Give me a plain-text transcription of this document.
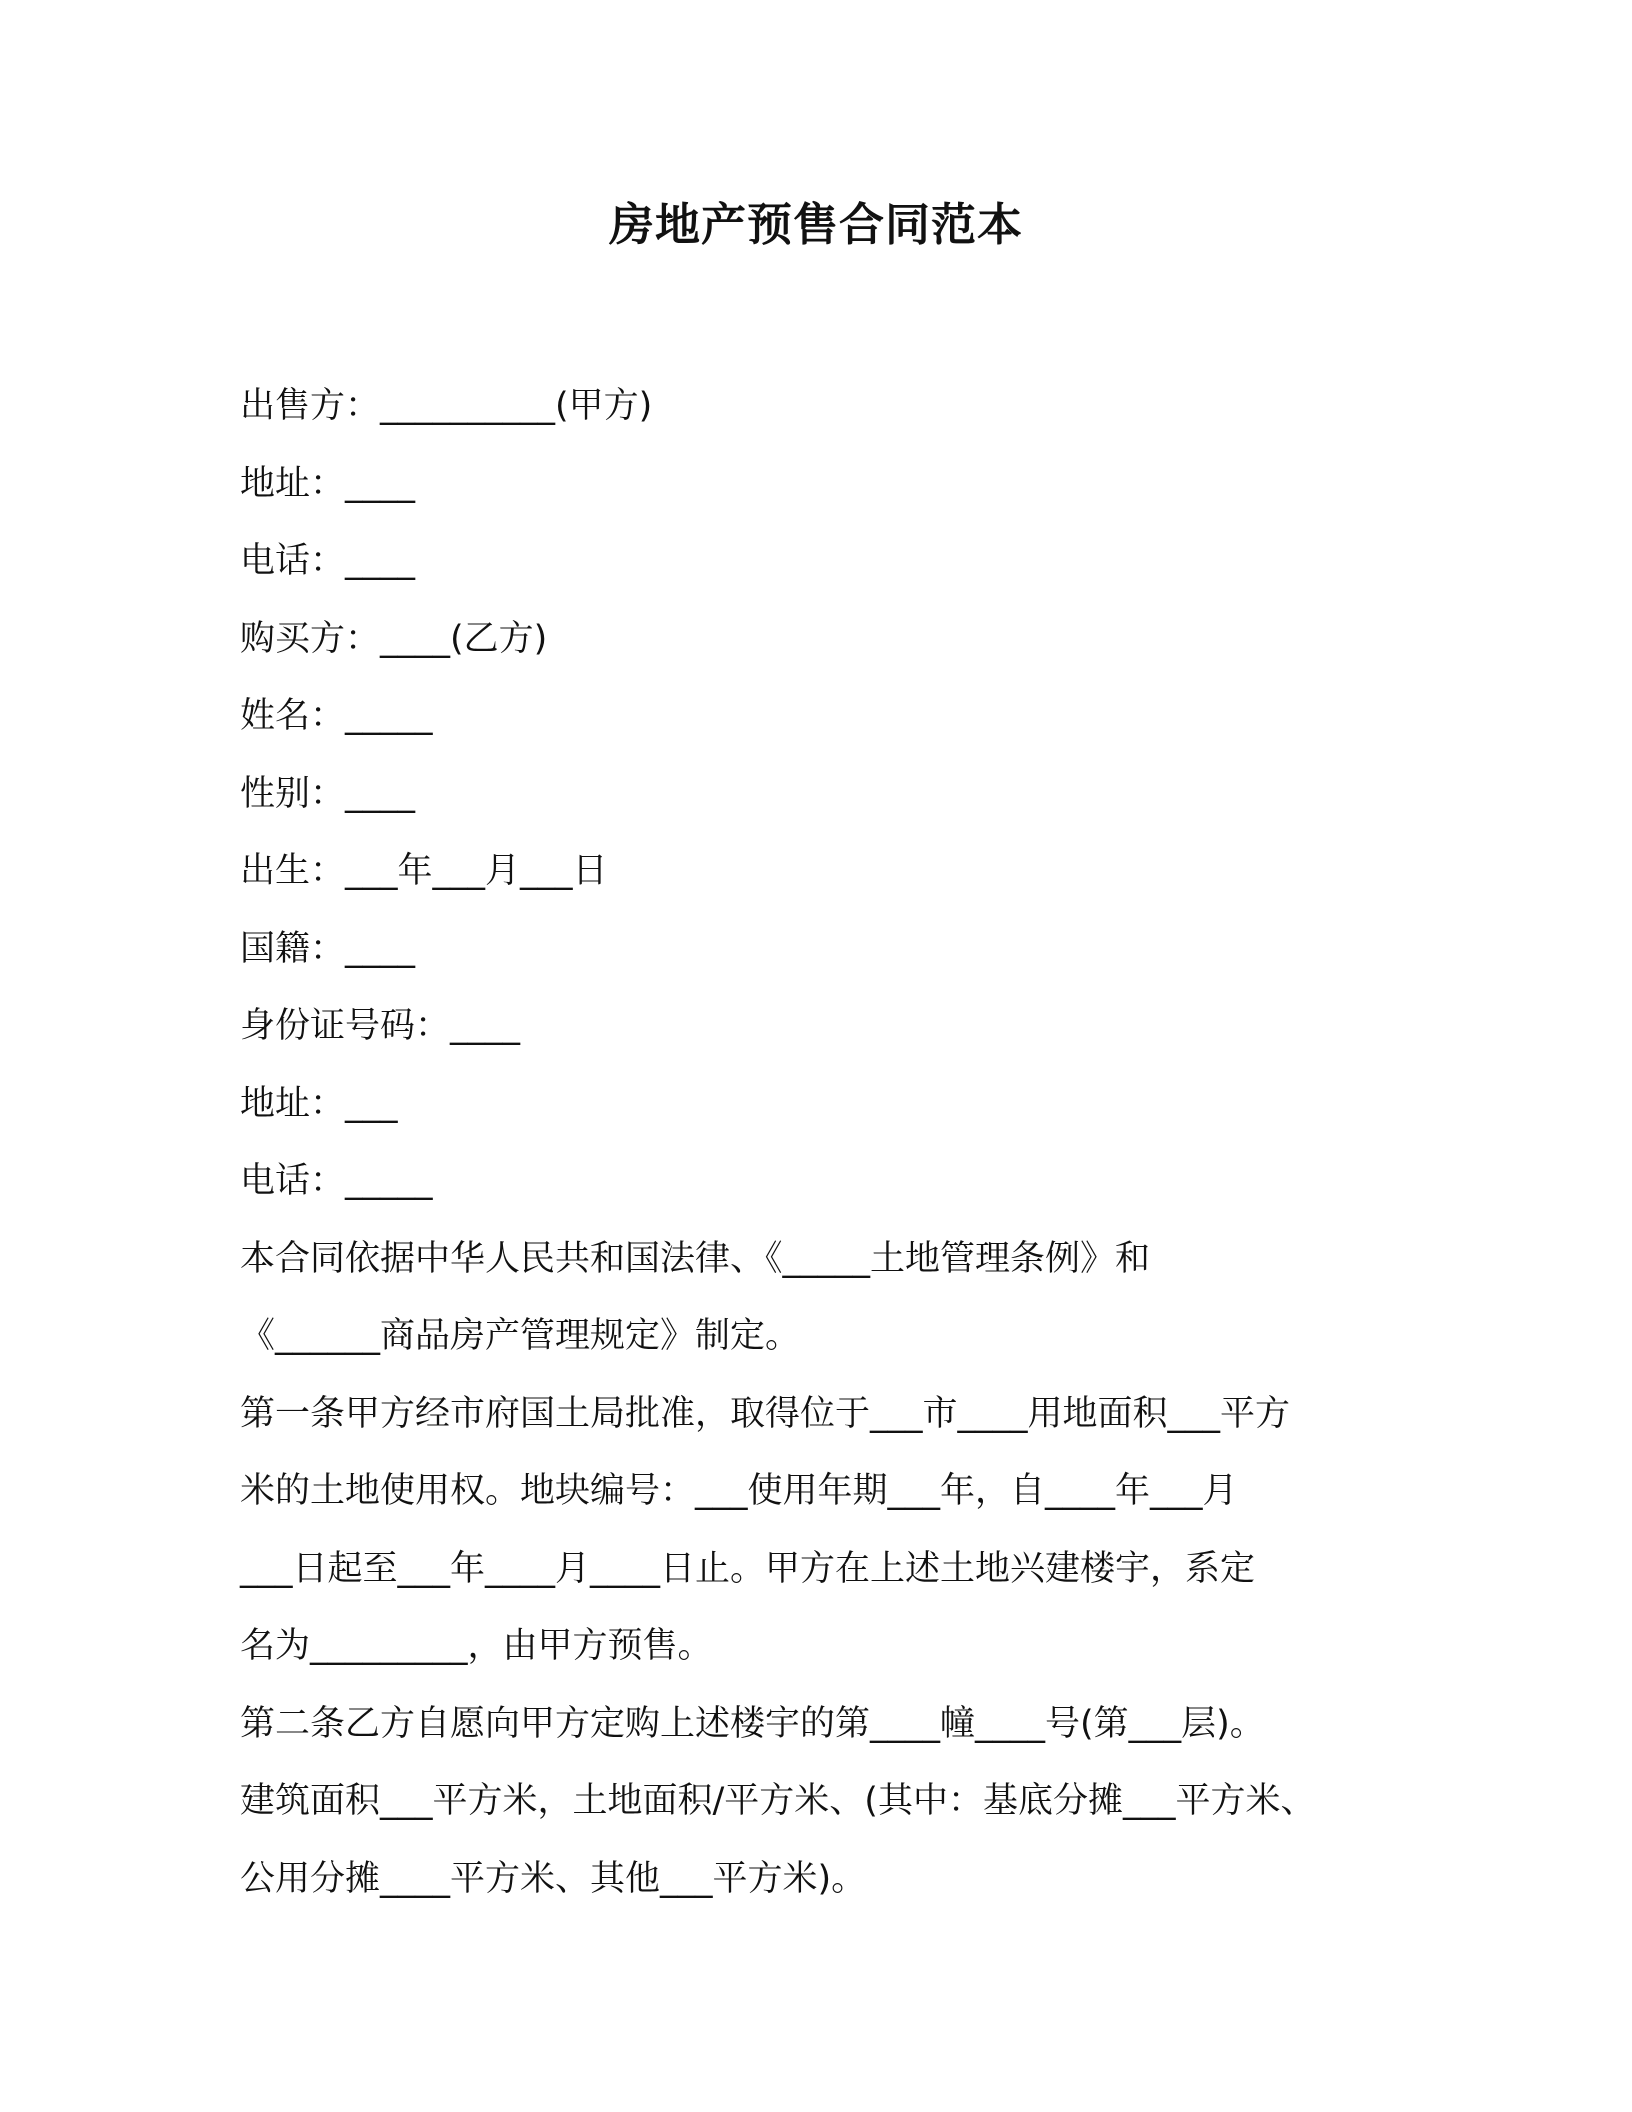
房地产预售合同范本

出售方：__________(甲方)

地址：____

电话：____

购买方：____(乙方)

姓名：_____

性别：____

出生：___年___月___日

国籍：____

身份证号码：____

地址：___

电话：_____

本合同依据中华人民共和国法律、《_____土地管理条例》和

《______商品房产管理规定》制定。

第一条甲方经市府国土局批准，取得位于___市____用地面积___平方

米的土地使用权。地块编号：___使用年期___年，自____年___月

___日起至___年____月____日止。甲方在上述土地兴建楼宇，系定

名为_________，由甲方预售。

第二条乙方自愿向甲方定购上述楼宇的第____幢____号(第___层)。

建筑面积___平方米，土地面积/平方米、(其中：基底分摊___平方米、

公用分摊____平方米、其他___平方米)。
